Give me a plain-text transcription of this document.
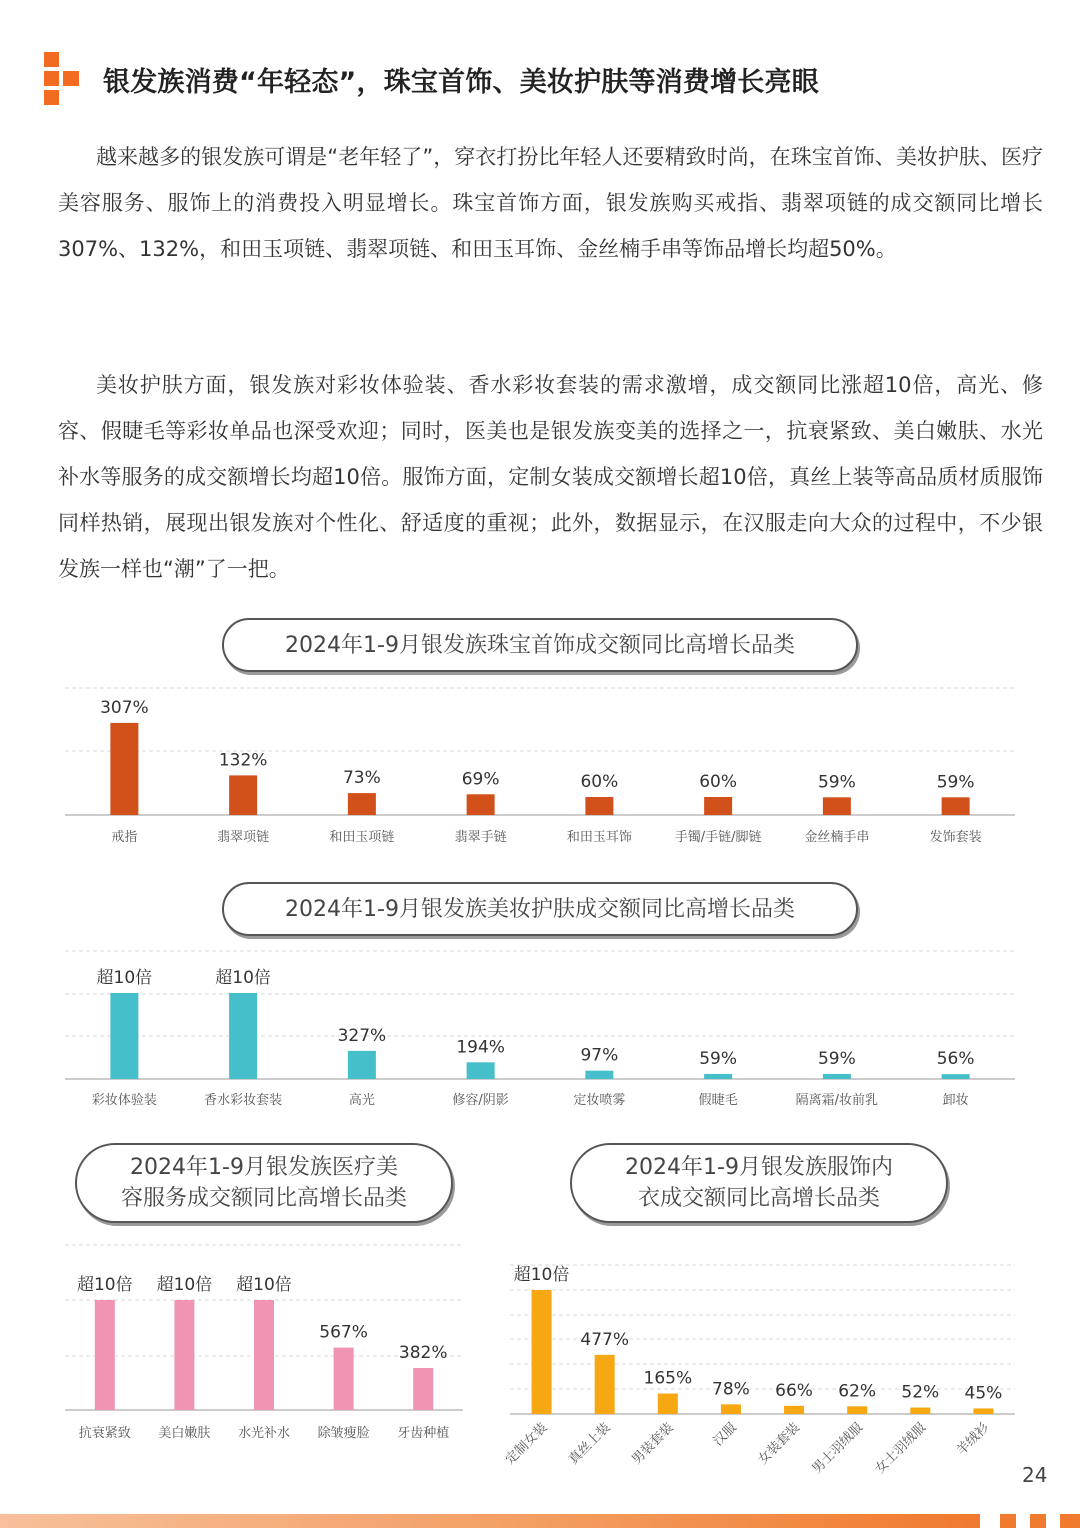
银发族消费“年轻态”，珠宝首饰、美妆护肤等消费增长亮眼

越来越多的银发族可谓是“老年轻了”，穿衣打扮比年轻人还要精致时尚，在珠宝首饰、美妆护肤、医疗美容服务、服饰上的消费投入明显增长。珠宝首饰方面，银发族购买戒指、翡翠项链的成交额同比增长307%、132%，和田玉项链、翡翠项链、和田玉耳饰、金丝楠手串等饰品增长均超50%。

美妆护肤方面，银发族对彩妆体验装、香水彩妆套装的需求激增，成交额同比涨超10倍，高光、修容、假睫毛等彩妆单品也深受欢迎；同时，医美也是银发族变美的选择之一，抗衰紧致、美白嫩肤、水光补水等服务的成交额增长均超10倍。服饰方面，定制女装成交额增长超10倍，真丝上装等高品质材质服饰同样热销，展现出银发族对个性化、舒适度的重视；此外，数据显示，在汉服走向大众的过程中，不少银发族一样也“潮”了一把。

2024年1-9月银发族珠宝首饰成交额同比高增长品类
2024年1-9月银发族美妆护肤成交额同比高增长品类
2024年1-9月银发族医疗美
容服务成交额同比高增长品类
2024年1-9月银发族服饰内
衣成交额同比高增长品类
307%
戒指
132%
翡翠项链
73%
和田玉项链
69%
翡翠手链
60%
和田玉耳饰
60%
手镯/手链/脚链
59%
金丝楠手串
59%
发饰套装
超10倍
彩妆体验装
超10倍
香水彩妆套装
327%
高光
194%
修容/阴影
97%
定妆喷雾
59%
假睫毛
59%
隔离霜/妆前乳
56%
卸妆
超10倍
抗衰紧致
超10倍
美白嫩肤
超10倍
水光补水
567%
除皱瘦脸
382%
牙齿种植
超10倍
定制女装
477%
真丝上装
165%
男装套装
78%
汉服
66%
女装套装
62%
男士羽绒服
52%
女士羽绒服
45%
羊绒衫
24
